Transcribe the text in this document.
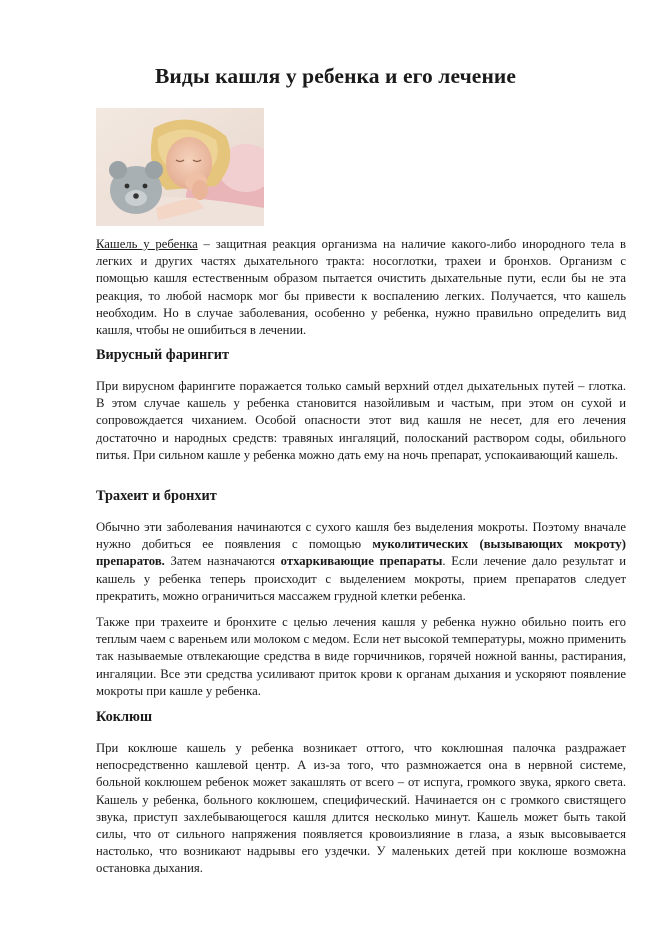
Виды кашля у ребенка и его лечение

Кашель у ребенка – защитная реакция организма на наличие какого-либо инородного тела в легких и других частях дыхательного тракта: носоглотки, трахеи и бронхов. Организм с помощью кашля естественным образом пытается очистить дыхательные пути, если бы не эта реакция, то любой насморк мог бы привести к воспалению легких. Получается, что кашель необходим. Но в случае заболевания, особенно у ребенка, нужно правильно определить вид кашля, чтобы не ошибиться в лечении.

Вирусный фарингит

При вирусном фарингите поражается только самый верхний отдел дыхательных путей – глотка. В этом случае кашель у ребенка становится назойливым и частым, при этом он сухой и сопровождается чиханием. Особой опасности этот вид кашля не несет, для его лечения достаточно и народных средств: травяных ингаляций, полосканий раствором соды, обильного питья. При сильном кашле у ребенка можно дать ему на ночь препарат, успокаивающий кашель.

Трахеит и бронхит

Обычно эти заболевания начинаются с сухого кашля без выделения мокроты. Поэтому вначале нужно добиться ее появления с помощью муколитических (вызывающих мокроту) препаратов. Затем назначаются отхаркивающие препараты. Если лечение дало результат и кашель у ребенка теперь происходит с выделением мокроты, прием препаратов следует прекратить, можно ограничиться массажем грудной клетки ребенка.

Также при трахеите и бронхите с целью лечения кашля у ребенка нужно обильно поить его теплым чаем с вареньем или молоком с медом. Если нет высокой температуры, можно применить так называемые отвлекающие средства в виде горчичников, горячей ножной ванны, растирания, ингаляции. Все эти средства усиливают приток крови к органам дыхания и ускоряют появление мокроты при кашле у ребенка.

Коклюш

При коклюше кашель у ребенка возникает оттого, что коклюшная палочка раздражает непосредственно кашлевой центр. А из-за того, что размножается она в нервной системе, больной коклюшем ребенок может закашлять от всего – от испуга, громкого звука, яркого света. Кашель у ребенка, больного коклюшем, специфический. Начинается он с громкого свистящего звука, приступ захлебывающегося кашля длится несколько минут. Кашель может быть такой силы, что от сильного напряжения появляется кровоизлияние в глаза, а язык высовывается настолько, что возникают надрывы его уздечки. У маленьких детей при коклюше возможна остановка дыхания.
